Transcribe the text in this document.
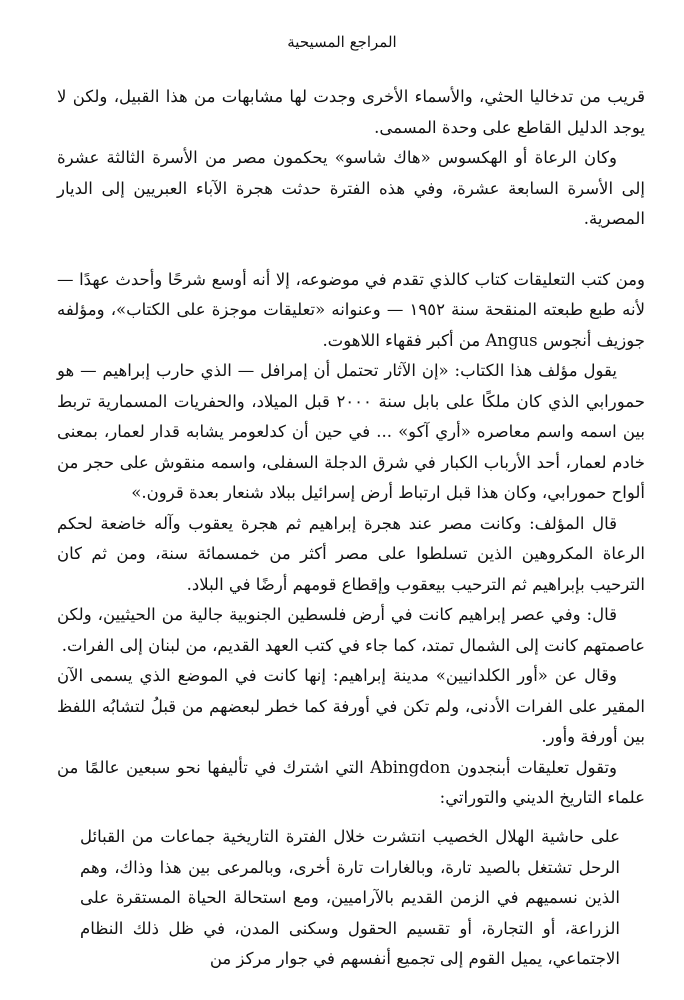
المراجع المسيحية

قريب من تدخاليا الحثي، والأسماء الأخرى وجدت لها مشابهات من هذا القبيل، ولكن لا يوجد الدليل القاطع على وحدة المسمى.

وكان الرعاة أو الهكسوس «هاك شاسو» يحكمون مصر من الأسرة الثالثة عشرة إلى الأسرة السابعة عشرة، وفي هذه الفترة حدثت هجرة الآباء العبريين إلى الديار المصرية.

ومن كتب التعليقات كتاب كالذي تقدم في موضوعه، إلا أنه أوسع شرحًا وأحدث عهدًا — لأنه طبع طبعته المنقحة سنة ١٩٥٢ — وعنوانه «تعليقات موجزة على الكتاب»، ومؤلفه جوزيف أنجوس Angus من أكبر فقهاء اللاهوت.

يقول مؤلف هذا الكتاب: «إن الآثار تحتمل أن إمرافل — الذي حارب إبراهيم — هو حمورابي الذي كان ملكًا على بابل سنة ٢٠٠٠ قبل الميلاد، والحفريات المسمارية تربط بين اسمه واسم معاصره «أري آكو» ... في حين أن كدلعومر يشابه قدار لعمار، بمعنى خادم لعمار، أحد الأرباب الكبار في شرق الدجلة السفلى، واسمه منقوش على حجر من ألواح حمورابي، وكان هذا قبل ارتباط أرض إسرائيل ببلاد شنعار بعدة قرون.»

قال المؤلف: وكانت مصر عند هجرة إبراهيم ثم هجرة يعقوب وآله خاضعة لحكم الرعاة المكروهين الذين تسلطوا على مصر أكثر من خمسمائة سنة، ومن ثم كان الترحيب بإبراهيم ثم الترحيب بيعقوب وإقطاع قومهم أرضًا في البلاد.

قال: وفي عصر إبراهيم كانت في أرض فلسطين الجنوبية جالية من الحيثيين، ولكن عاصمتهم كانت إلى الشمال تمتد، كما جاء في كتب العهد القديم، من لبنان إلى الفرات.

وقال عن «أور الكلدانيين» مدينة إبراهيم: إنها كانت في الموضع الذي يسمى الآن المقير على الفرات الأدنى، ولم تكن في أورفة كما خطر لبعضهم من قبلُ لتشابُه اللفظ بين أورفة وأور.

وتقول تعليقات أبنجدون Abingdon التي اشترك في تأليفها نحو سبعين عالمًا من علماء التاريخ الديني والتوراتي:

على حاشية الهلال الخصيب انتشرت خلال الفترة التاريخية جماعات من القبائل الرحل تشتغل بالصيد تارة، وبالغارات تارة أخرى، وبالمرعى بين هذا وذاك، وهم الذين نسميهم في الزمن القديم بالآراميين، ومع استحالة الحياة المستقرة على الزراعة، أو التجارة، أو تقسيم الحقول وسكنى المدن، في ظل ذلك النظام الاجتماعي، يميل القوم إلى تجميع أنفسهم في جوار مركز من
